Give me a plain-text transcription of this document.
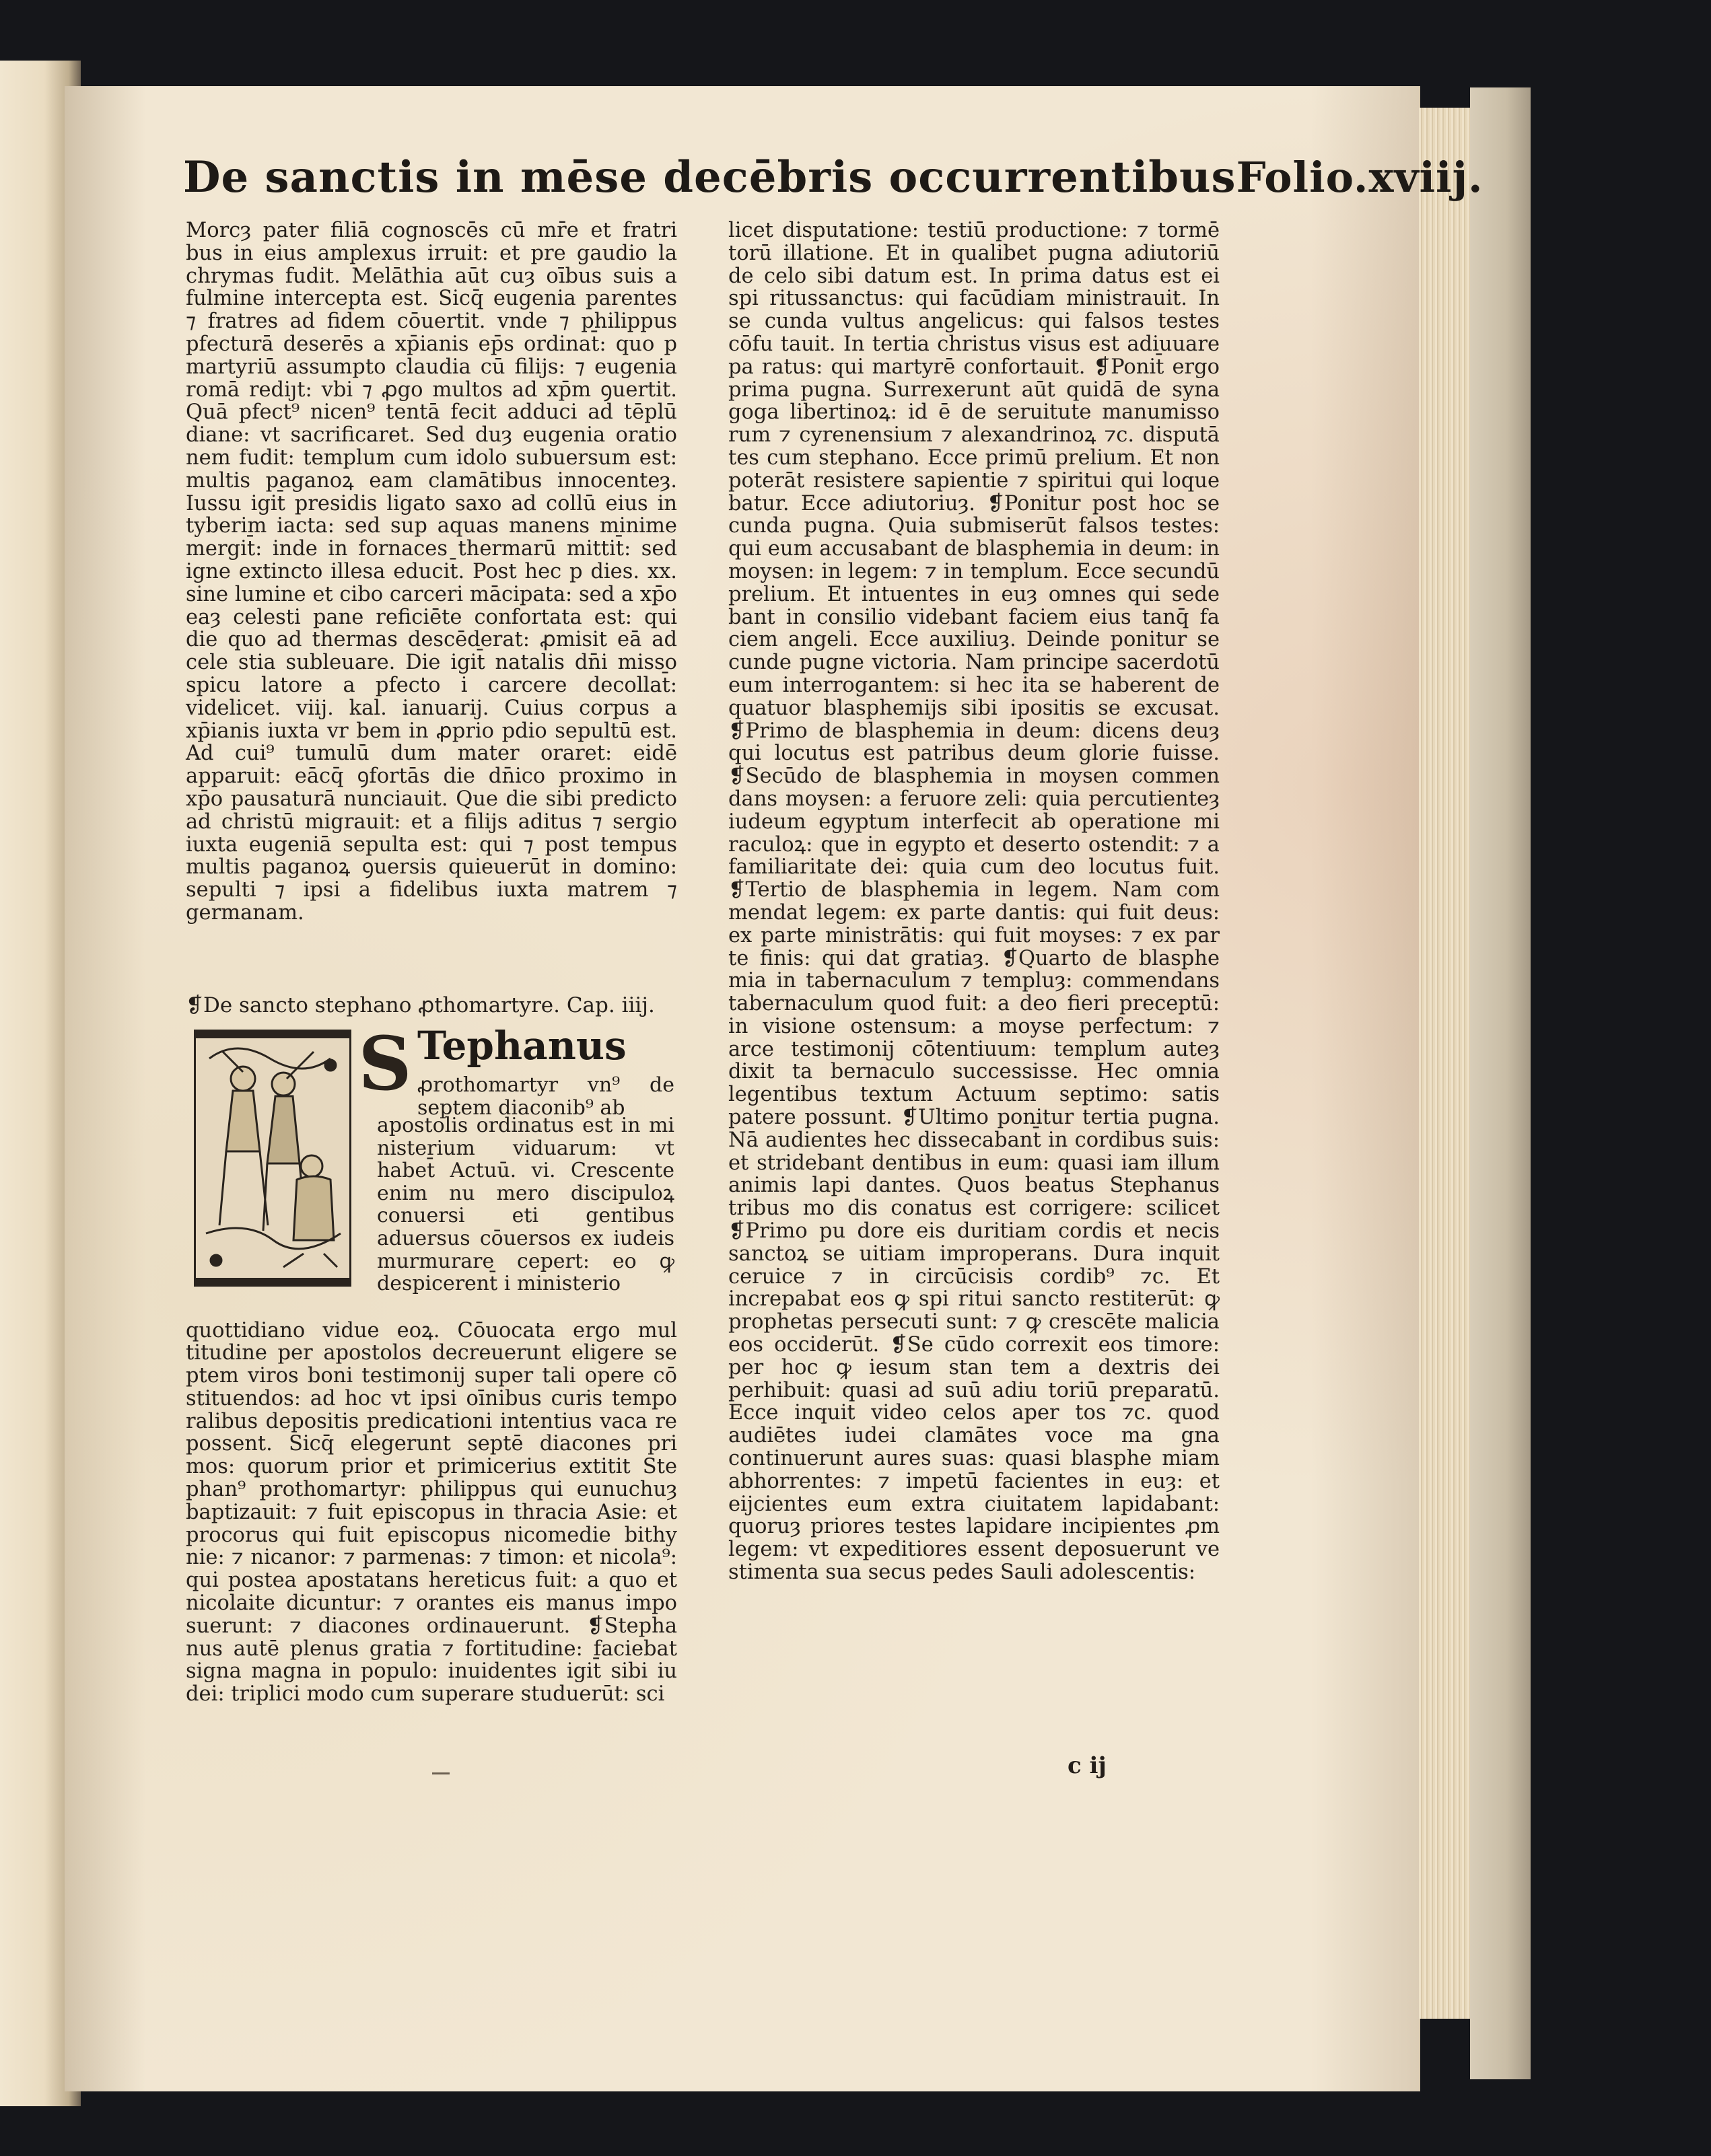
De sanctis in mēse decēbris occurrentibus Folio.xviij.

Morcȝ pater filiā cognoscēs cū mr̄e et fratri bus in eius amplexus irruit: et pre gaudio la chrymas fudit. Melāthia aūt cuȝ oībus suis a fulmine intercepta est. Sicq̄ eugenia parentes ⁊ fratres ad fidem cōuertit. vnde ⁊ philippus pfecturā deserēs a xp̄ianis ep̄s ordinat̄: quo p martyriū assumpto claudia cū filijs: ⁊ eugenia romā rediȷt: vbi ⁊ ꝓgo multos ad xp̄m ꝯuertit. Quā pfect⁹ nicen⁹ tentā fecit adduci ad tēplū diane: vt sacrificaret. Sed duȝ eugenia oratio nem fudit: templum cum idolo subuersum est: multis paganoꝝ eam clamātibus innocenteȝ. Iussu igit̄ presidis ligato saxo ad collū eius in tyberim iacta: sed sup aquas manens minime mergit̄: inde in fornaces thermarū mittit̄: sed igne extincto illesa educit̄. Post hec p dies. xx. sine lumine et cibo carceri mācipata: sed a xp̄o eaȝ celesti pane reficiēte confortata est: qui die quo ad thermas descēderat: ꝓmisit eā ad cele stia subleuare. Die igit̄ natalis dn̄i misso spicu latore a pfecto i carcere decollat̄: videlicet. viij. kal. ianuarij. Cuius corpus a xp̄ianis iuxta vr bem in ꝓprio pdio sepultū est. Ad cui⁹ tumulū dum mater oraret: eidē apparuit: eācq̄ ꝯfortās die dn̄ico proximo in xp̄o pausaturā nunciauit. Que die sibi predicto ad christū migrauit: et a filijs aditus ⁊ sergio iuxta eugeniā sepulta est: qui ⁊ post tempus multis paganoꝝ ꝯuersis quieuerūt in domino: sepulti ⁊ ipsi a fidelibus iuxta matrem ⁊ germanam.

❡De sancto stephano ꝓthomartyre. Cap. iiij.
S Tephanus
ꝓrothomartyr vn⁹ de septem diaconib⁹ ab
apostolis ordinatus est in mi nisterium viduarum: vt habet̄ Actuū. vi. Crescente enim nu mero discipuloꝝ conuersi eti gentibus aduersus cōuersos ex iudeis murmurare cepert: eo ꝙ despicerent̄ i ministerio

quottidiano vidue eoꝝ. Cōuocata ergo mul titudine per apostolos decreuerunt eligere se ptem viros boni testimonij super tali opere cō stituendos: ad hoc vt ipsi oīnibus curis tempo ralibus depositis predicationi intentius vaca re possent. Sicq̄ elegerunt septē diacones pri mos: quorum prior et primicerius extitit Ste phan⁹ prothomartyr: philippus qui eunuchuȝ baptizauit: ⁊ fuit episcopus in thracia Asie: et procorus qui fuit episcopus nicomedie bithy nie: ⁊ nicanor: ⁊ parmenas: ⁊ timon: et nicola⁹: qui postea apostatans hereticus fuit: a quo et nicolaite dicuntur: ⁊ orantes eis manus impo suerunt: ⁊ diacones ordinauerunt. ❡Stepha nus autē plenus gratia ⁊ fortitudine: faciebat signa magna in populo: inuidentes igit̄ sibi iu dei: triplici modo cum superare studuerūt: sci

licet disputatione: testiū productione: ⁊ tormē torū illatione. Et in qualibet pugna adiutoriū de celo sibi datum est. In prima datus est ei spi ritussanctus: qui facūdiam ministrauit. In se cunda vultus angelicus: qui falsos testes cōfu tauit. In tertia christus visus est adiuuare pa ratus: qui martyrē confortauit. ❡Ponit̄ ergo prima pugna. Surrexerunt aūt quidā de syna goga libertinoꝝ: id ē de seruitute manumisso rum ⁊ cyrenensium ⁊ alexandrinoꝝ ⁊c. disputā tes cum stephano. Ecce primū prelium. Et non poterāt resistere sapientie ⁊ spiritui qui loque batur. Ecce adiutoriuȝ. ❡Ponitur post hoc se cunda pugna. Quia submiserūt falsos testes: qui eum accusabant de blasphemia in deum: in moysen: in legem: ⁊ in templum. Ecce secundū prelium. Et intuentes in euȝ omnes qui sede bant in consilio videbant faciem eius tanq̄ fa ciem angeli. Ecce auxiliuȝ. Deinde ponitur se cunde pugne victoria. Nam principe sacerdotū eum interrogantem: si hec ita se haberent de quatuor blasphemijs sibi ipositis se excusat. ❡Primo de blasphemia in deum: dicens deuȝ qui locutus est patribus deum glorie fuisse. ❡Secūdo de blasphemia in moysen commen dans moysen: a feruore zeli: quia percutienteȝ iudeum egyptum interfecit ab operatione mi raculoꝝ: que in egypto et deserto ostendit: ⁊ a familiaritate dei: quia cum deo locutus fuit. ❡Tertio de blasphemia in legem. Nam com mendat legem: ex parte dantis: qui fuit deus: ex parte ministrātis: qui fuit moyses: ⁊ ex par te finis: qui dat gratiaȝ. ❡Quarto de blasphe mia in tabernaculum ⁊ templuȝ: commendans tabernaculum quod fuit: a deo fieri preceptū: in visione ostensum: a moyse perfectum: ⁊ arce testimonij cōtentiuum: templum auteȝ dixit ta bernaculo successisse. Hec omnia legentibus textum Actuum septimo: satis patere possunt. ❡Ultimo ponitur tertia pugna. Nā audientes hec dissecabant̄ in cordibus suis: et stridebant dentibus in eum: quasi iam illum animis lapi dantes. Quos beatus Stephanus tribus mo dis conatus est corrigere: scilicet ❡Primo pu dore eis duritiam cordis et necis sanctoꝝ se uitiam improperans. Dura inquit ceruice ⁊ in circūcisis cordib⁹ ⁊c. Et increpabat eos ꝙ spi ritui sancto restiterūt: ꝙ prophetas persecuti sunt: ⁊ ꝙ crescēte malicia eos occiderūt. ❡Se cūdo correxit eos timore: per hoc ꝙ iesum stan tem a dextris dei perhibuit: quasi ad suū adiu toriū preparatū. Ecce inquit video celos aper tos ⁊c. quod audiētes iudei clamātes voce ma gna continuerunt aures suas: quasi blasphe miam abhorrentes: ⁊ impetū facientes in euȝ: et eijcientes eum extra ciuitatem lapidabant: quoruȝ priores testes lapidare incipientes ꝓm legem: vt expeditiores essent deposuerunt ve stimenta sua secus pedes Sauli adolescentis:

c ij
